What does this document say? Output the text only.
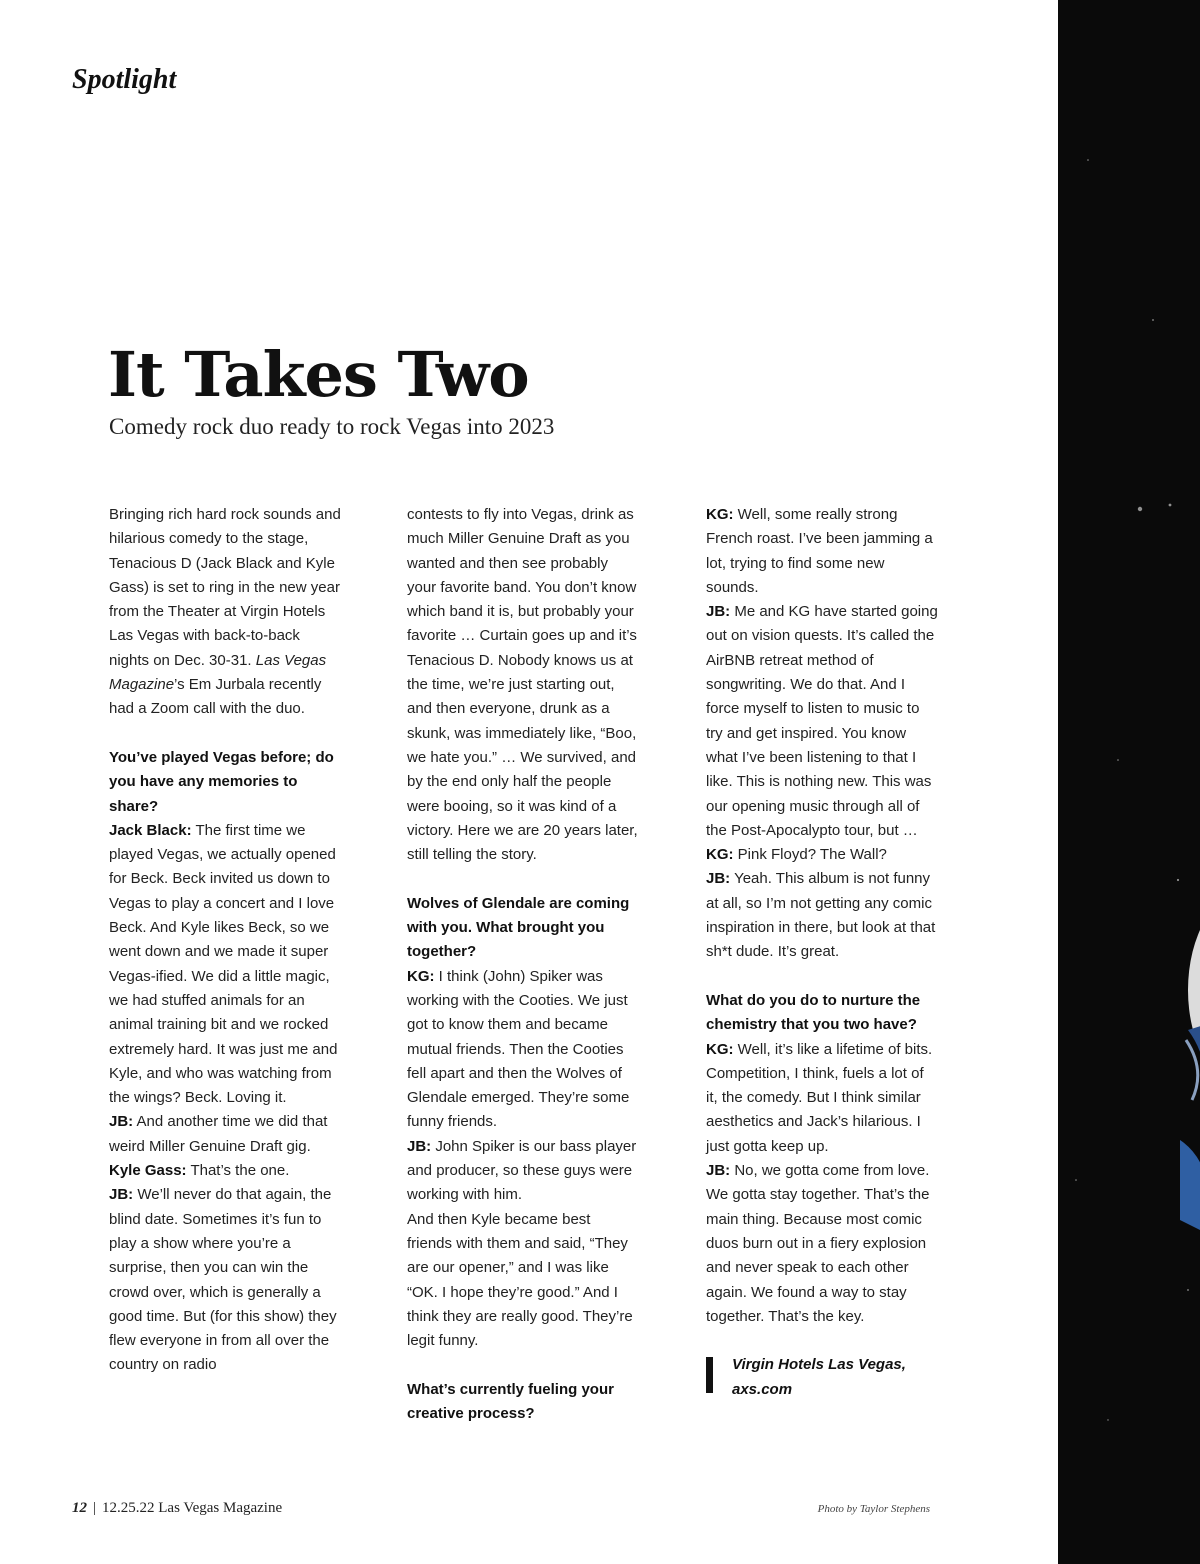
Spotlight
It Takes Two

Comedy rock duo ready to rock Vegas into 2023

Bringing rich hard rock sounds and hilarious comedy to the stage, Tenacious D (Jack Black and Kyle Gass) is set to ring in the new year from the Theater at Virgin Hotels Las Vegas with back-to-back nights on Dec. 30-31. Las Vegas Magazine’s Em Jurbala recently had a Zoom call with the duo.

You’ve played Vegas before; do you have any memories to share?

Jack Black: The first time we played Vegas, we actually opened for Beck. Beck invited us down to Vegas to play a concert and I love Beck. And Kyle likes Beck, so we went down and we made it super Vegas-ified. We did a little magic, we had stuffed animals for an animal training bit and we rocked extremely hard. It was just me and Kyle, and who was watching from the wings? Beck. Loving it.

JB: And another time we did that weird Miller Genuine Draft gig.

Kyle Gass: That’s the one.

JB: We’ll never do that again, the blind date. Sometimes it’s fun to play a show where you’re a surprise, then you can win the crowd over, which is generally a good time. But (for this show) they flew everyone in from all over the country on radio

contests to fly into Vegas, drink as much Miller Genuine Draft as you wanted and then see probably your favorite band. You don’t know which band it is, but probably your favorite … Curtain goes up and it’s Tenacious D. Nobody knows us at the time, we’re just starting out, and then everyone, drunk as a skunk, was immediately like, “Boo, we hate you.” … We survived, and by the end only half the people were booing, so it was kind of a victory. Here we are 20 years later, still telling the story.

Wolves of Glendale are coming with you. What brought you together?

KG: I think (John) Spiker was working with the Cooties. We just got to know them and became mutual friends. Then the Cooties fell apart and then the Wolves of Glendale emerged. They’re some funny friends.

JB: John Spiker is our bass player and producer, so these guys were working with him.

And then Kyle became best friends with them and said, “They are our opener,” and I was like “OK. I hope they’re good.” And I think they are really good. They’re legit funny.

What’s currently fueling your creative process?

KG: Well, some really strong French roast. I’ve been jamming a lot, trying to find some new sounds.

JB: Me and KG have started going out on vision quests. It’s called the AirBNB retreat method of songwriting. We do that. And I force myself to listen to music to try and get inspired. You know what I’ve been listening to that I like. This is nothing new. This was our opening music through all of the Post-Apocalypto tour, but …

KG: Pink Floyd? The Wall?

JB: Yeah. This album is not funny at all, so I’m not getting any comic inspiration in there, but look at that sh*t dude. It’s great.

What do you do to nurture the chemistry that you two have?

KG: Well, it’s like a lifetime of bits. Competition, I think, fuels a lot of it, the comedy. But I think similar aesthetics and Jack’s hilarious. I just gotta keep up.

JB: No, we gotta come from love. We gotta stay together. That’s the main thing. Because most comic duos burn out in a fiery explosion and never speak to each other again. We found a way to stay together. That’s the key.

Virgin Hotels Las Vegas, axs.com
12 | 12.25.22 Las Vegas Magazine	Photo by Taylor Stephens
